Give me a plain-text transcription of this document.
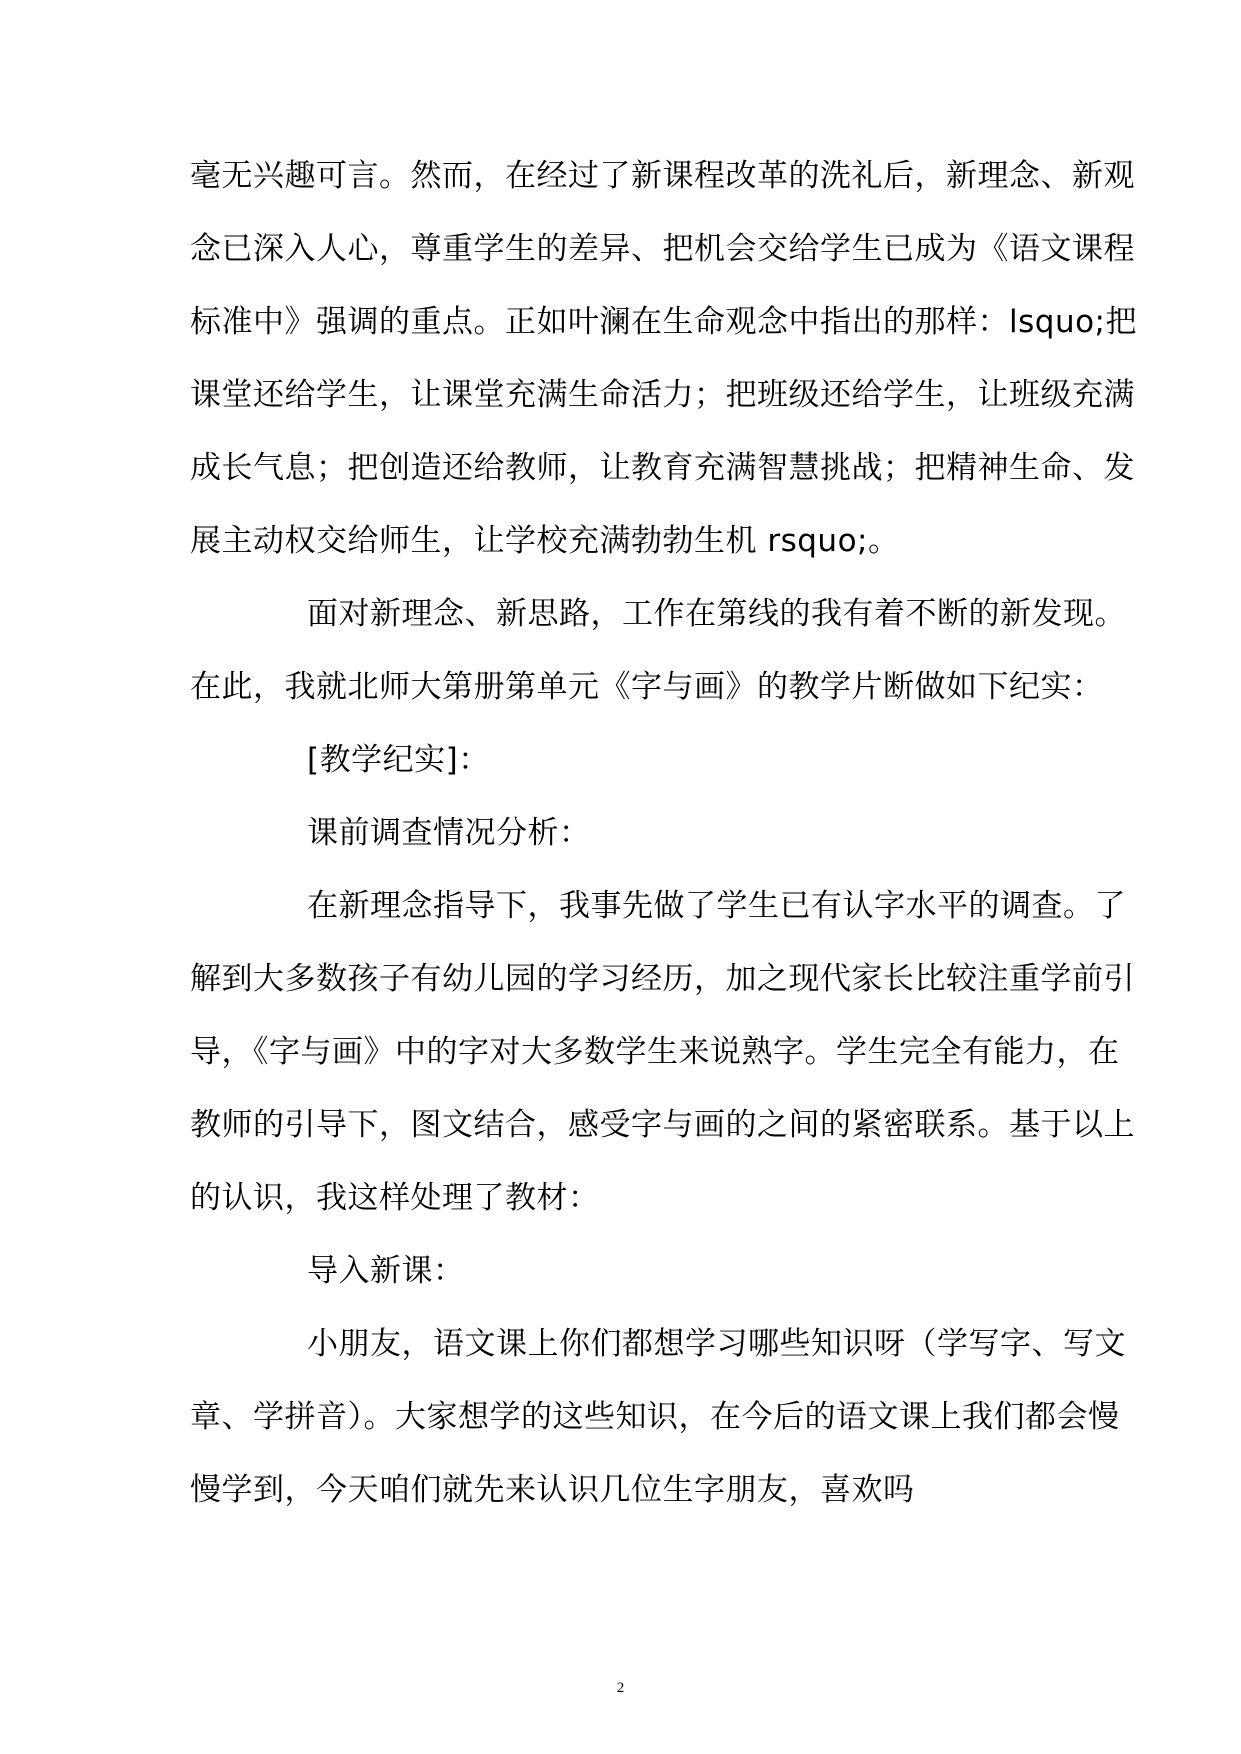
毫无兴趣可言。然而，在经过了新课程改革的洗礼后，新理念、新观
念已深入人心，尊重学生的差异、把机会交给学生已成为《语文课程
标准中》强调的重点。正如叶澜在生命观念中指出的那样：lsquo;把
课堂还给学生，让课堂充满生命活力；把班级还给学生，让班级充满
成长气息；把创造还给教师，让教育充满智慧挑战；把精神生命、发
展主动权交给师生，让学校充满勃勃生机 rsquo;。
面对新理念、新思路，工作在第线的我有着不断的新发现。
在此，我就北师大第册第单元《字与画》的教学片断做如下纪实：
[教学纪实]：
课前调查情况分析：
在新理念指导下，我事先做了学生已有认字水平的调查。了
解到大多数孩子有幼儿园的学习经历，加之现代家长比较注重学前引
导，《字与画》中的字对大多数学生来说熟字。学生完全有能力，在
教师的引导下，图文结合，感受字与画的之间的紧密联系。基于以上
的认识，我这样处理了教材：
导入新课：
小朋友，语文课上你们都想学习哪些知识呀（学写字、写文
章、学拼音）。大家想学的这些知识，在今后的语文课上我们都会慢
慢学到，今天咱们就先来认识几位生字朋友，喜欢吗
2
